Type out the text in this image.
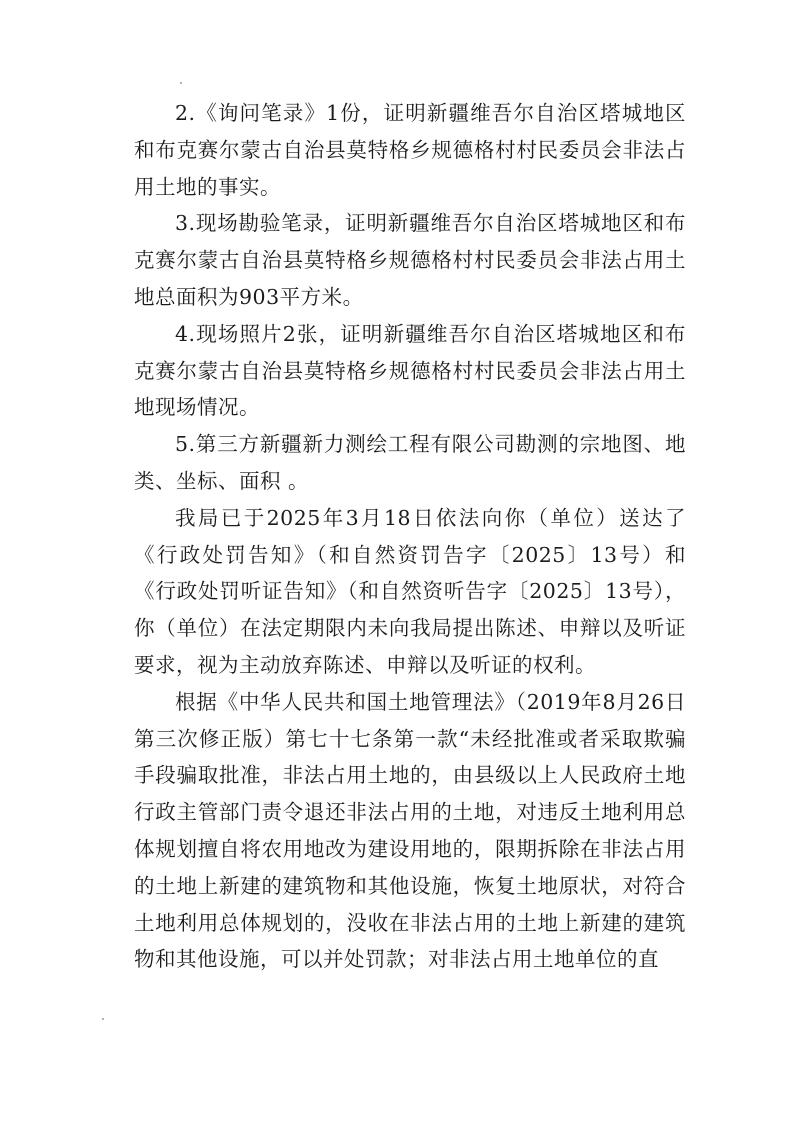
2.《询问笔录》1份，证明新疆维吾尔自治区塔城地区和布克赛尔蒙古自治县莫特格乡规德格村村民委员会非法占用土地的事实。

3.现场勘验笔录，证明新疆维吾尔自治区塔城地区和布克赛尔蒙古自治县莫特格乡规德格村村民委员会非法占用土地总面积为903平方米。

4.现场照片2张，证明新疆维吾尔自治区塔城地区和布克赛尔蒙古自治县莫特格乡规德格村村民委员会非法占用土地现场情况。

5.第三方新疆新力测绘工程有限公司勘测的宗地图、地类、坐标、面积 。

我局已于2025年3月18日依法向你（单位）送达了《行政处罚告知》（和自然资罚告字〔2025〕13号）和《行政处罚听证告知》（和自然资听告字〔2025〕13号），你（单位）在法定期限内未向我局提出陈述、申辩以及听证要求，视为主动放弃陈述、申辩以及听证的权利。

根据《中华人民共和国土地管理法》（2019年8月26日第三次修正版）第七十七条第一款“未经批准或者采取欺骗手段骗取批准，非法占用土地的，由县级以上人民政府土地行政主管部门责令退还非法占用的土地，对违反土地利用总体规划擅自将农用地改为建设用地的，限期拆除在非法占用的土地上新建的建筑物和其他设施，恢复土地原状，对符合土地利用总体规划的，没收在非法占用的土地上新建的建筑物和其他设施，可以并处罚款；对非法占用土地单位的直
